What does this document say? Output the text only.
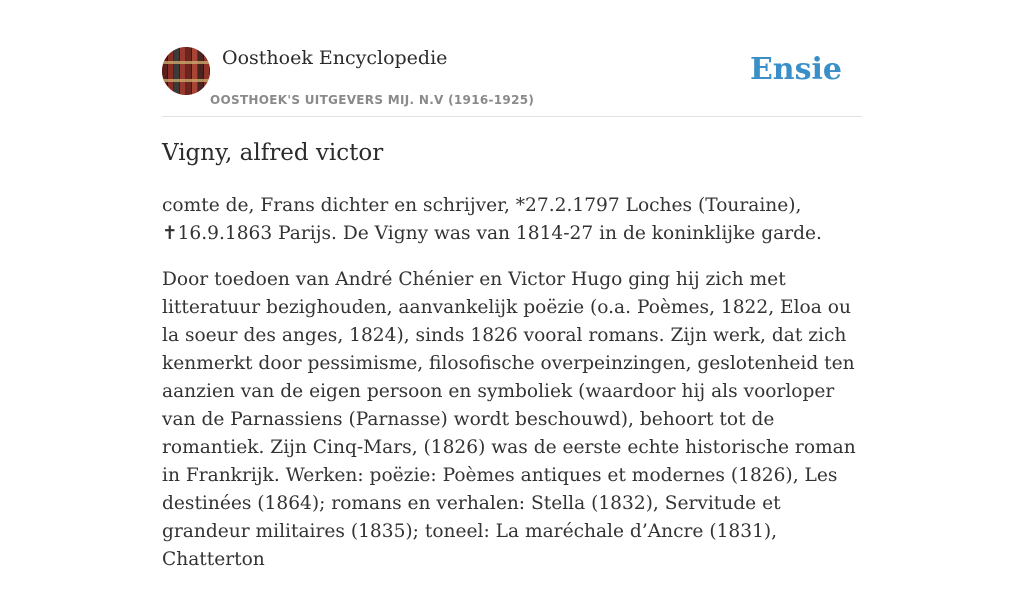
Oosthoek Encyclopedie
OOSTHOEK'S UITGEVERS MIJ. N.V (1916-1925)
Ensie
Vigny, alfred victor

comte de, Frans dichter en schrijver, *27.2.1797 Loches (Touraine), ✝16.9.1863 Parijs. De Vigny was van 1814-27 in de koninklijke garde.

Door toedoen van André Chénier en Victor Hugo ging hij zich met litteratuur bezighouden, aanvankelijk poëzie (o.a. Poèmes, 1822, Eloa ou la soeur des anges, 1824), sinds 1826 vooral romans. Zijn werk, dat zich kenmerkt door pessimisme, filosofische overpeinzingen, geslotenheid ten aanzien van de eigen persoon en symboliek (waardoor hij als voorloper van de Parnassiens (Parnasse) wordt beschouwd), behoort tot de romantiek. Zijn Cinq-Mars, (1826) was de eerste echte historische roman in Frankrijk. Werken: poëzie: Poèmes antiques et modernes (1826), Les destinées (1864); romans en verhalen: Stella (1832), Servitude et grandeur militaires (1835); toneel: La maréchale d’Ancre (1831), Chatterton
